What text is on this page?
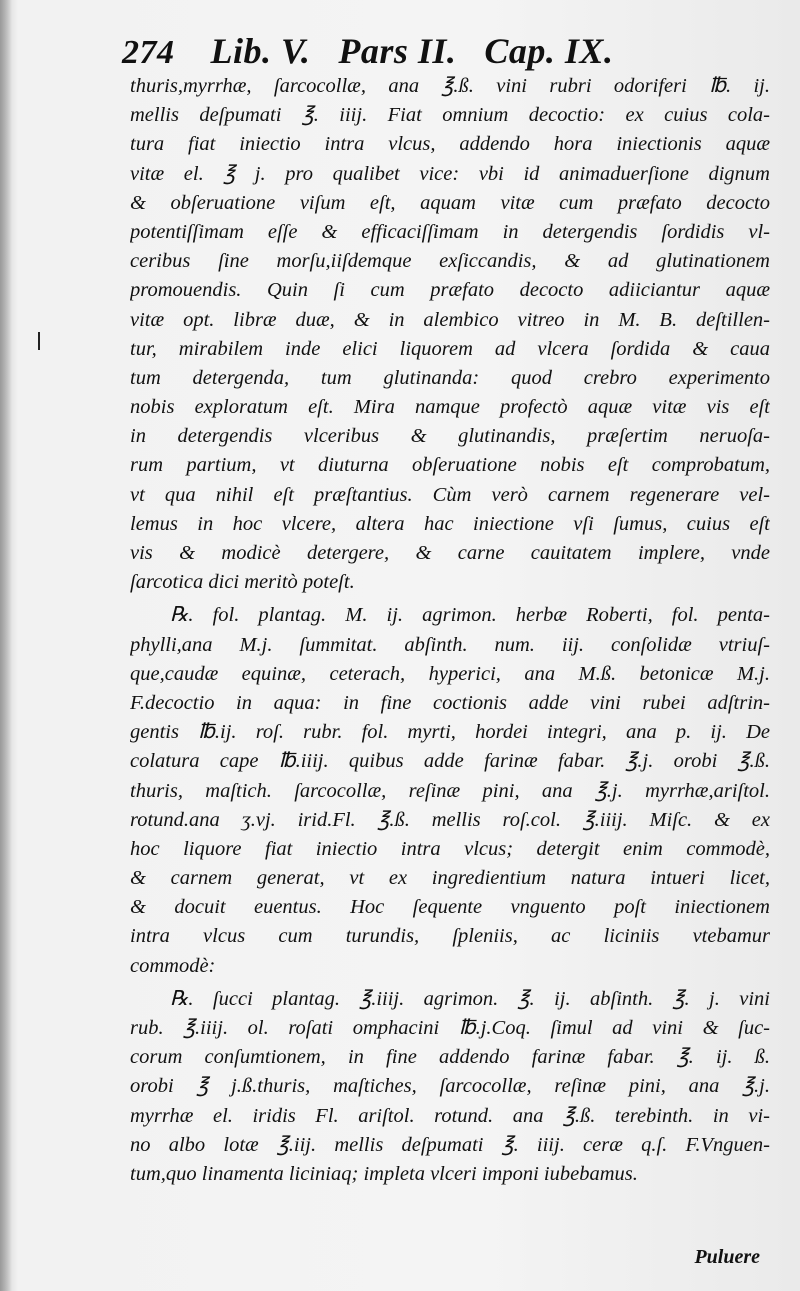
274 Lib. V. Pars II. Cap. IX.
thuris,myrrhæ, ſarcocollæ, ana ℥.ß. vini rubri odoriferi ℔. ij.
mellis deſpumati ℥. iiij. Fiat omnium decoctio: ex cuius cola-
tura fiat iniectio intra vlcus, addendo hora iniectionis aquæ
vitæ el. ℥ j. pro qualibet vice: vbi id animaduerſione dignum
& obſeruatione viſum eſt, aquam vitæ cum præfato decocto
potentiſſimam eſſe & efficaciſſimam in detergendis ſordidis vl-
ceribus ſine morſu,iiſdemque exſiccandis, & ad glutinationem
promouendis. Quin ſi cum præfato decocto adiiciantur aquæ
vitæ opt. libræ duæ, & in alembico vitreo in M. B. deſtillen-
tur, mirabilem inde elici liquorem ad vlcera ſordida & caua
tum detergenda, tum glutinanda: quod crebro experimento
nobis exploratum eſt. Mira namque profectò aquæ vitæ vis eſt
in detergendis vlceribus & glutinandis, præſertim neruoſa-
rum partium, vt diuturna obſeruatione nobis eſt comprobatum,
vt qua nihil eſt præſtantius. Cùm verò carnem regenerare vel-
lemus in hoc vlcere, altera hac iniectione vſi ſumus, cuius eſt
vis & modicè detergere, & carne cauitatem implere, vnde
ſarcotica dici meritò poteſt.
℞. fol. plantag. M. ij. agrimon. herbæ Roberti, fol. penta-
phylli,ana M.j. ſummitat. abſinth. num. iij. conſolidæ vtriuſ-
que,caudæ equinæ, ceterach, hyperici, ana M.ß. betonicæ M.j.
F.decoctio in aqua: in fine coctionis adde vini rubei adſtrin-
gentis ℔.ij. roſ. rubr. fol. myrti, hordei integri, ana p. ij. De
colatura cape ℔.iiij. quibus adde farinæ fabar. ℥.j. orobi ℥.ß.
thuris, maſtich. ſarcocollæ, reſinæ pini, ana ℥.j. myrrhæ,ariſtol.
rotund.ana ʒ.vj. irid.Fl. ℥.ß. mellis roſ.col. ℥.iiij. Miſc. & ex
hoc liquore fiat iniectio intra vlcus; detergit enim commodè,
& carnem generat, vt ex ingredientium natura intueri licet,
& docuit euentus. Hoc ſequente vnguento poſt iniectionem
intra vlcus cum turundis, ſpleniis, ac liciniis vtebamur
commodè:
℞. ſucci plantag. ℥.iiij. agrimon. ℥. ij. abſinth. ℥. j. vini
rub. ℥.iiij. ol. roſati omphacini ℔.j.Coq. ſimul ad vini & ſuc-
corum conſumtionem, in fine addendo farinæ fabar. ℥. ij. ß.
orobi ℥ j.ß.thuris, maſtiches, ſarcocollæ, reſinæ pini, ana ℥.j.
myrrhæ el. iridis Fl. ariſtol. rotund. ana ℥.ß. terebinth. in vi-
no albo lotæ ℥.iij. mellis deſpumati ℥. iiij. ceræ q.ſ. F.Vnguen-
tum,quo linamenta liciniaq; impleta vlceri imponi iubebamus.
Puluere
